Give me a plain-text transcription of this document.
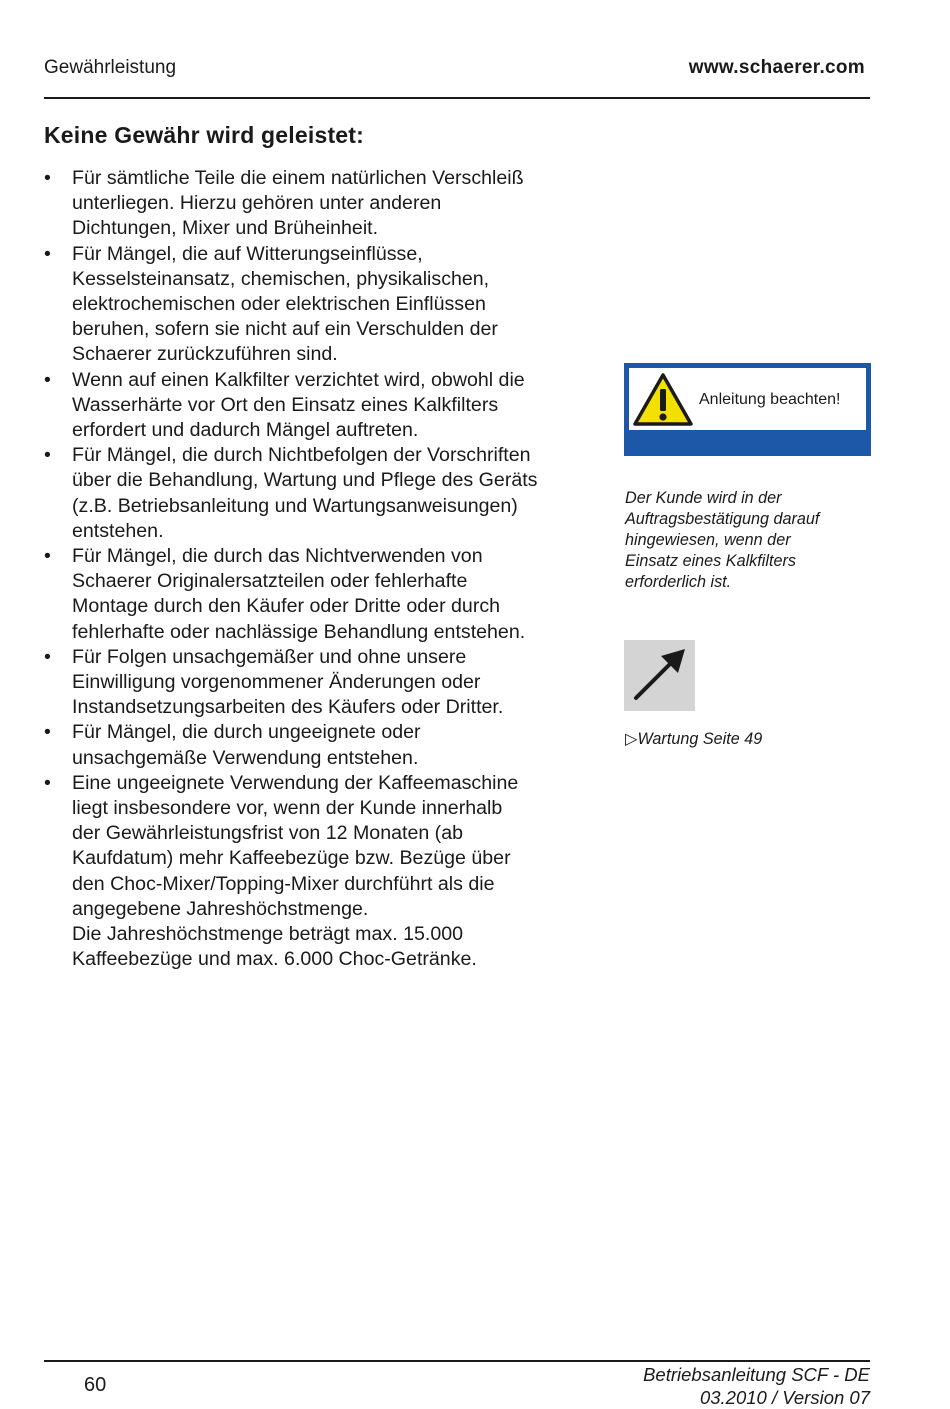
Gewährleistung	www.schaerer.com
Keine Gewähr wird geleistet:
• Für sämtliche Teile die einem natürlichen Verschleiß
unterliegen. Hierzu gehören unter anderen
Dichtungen, Mixer und Brüheinheit.
• Für Mängel, die auf Witterungseinflüsse,
Kesselsteinansatz, chemischen, physikalischen,
elektrochemischen oder elektrischen Einflüssen
beruhen, sofern sie nicht auf ein Verschulden der
Schaerer zurückzuführen sind.
• Wenn auf einen Kalkfilter verzichtet wird, obwohl die
Wasserhärte vor Ort den Einsatz eines Kalkfilters
erfordert und dadurch Mängel auftreten.
• Für Mängel, die durch Nichtbefolgen der Vorschriften
über die Behandlung, Wartung und Pflege des Geräts
(z.B. Betriebsanleitung und Wartungsanweisungen)
entstehen.
• Für Mängel, die durch das Nichtverwenden von
Schaerer Originalersatzteilen oder fehlerhafte
Montage durch den Käufer oder Dritte oder durch
fehlerhafte oder nachlässige Behandlung entstehen.
• Für Folgen unsachgemäßer und ohne unsere
Einwilligung vorgenommener Änderungen oder
Instandsetzungsarbeiten des Käufers oder Dritter.
• Für Mängel, die durch ungeeignete oder
unsachgemäße Verwendung entstehen.
• Eine ungeeignete Verwendung der Kaffeemaschine
liegt insbesondere vor, wenn der Kunde innerhalb
der Gewährleistungsfrist von 12 Monaten (ab
Kaufdatum) mehr Kaffeebezüge bzw. Bezüge über
den Choc-Mixer/Topping-Mixer durchführt als die
angegebene Jahreshöchstmenge.
Die Jahreshöchstmenge beträgt max. 15.000
Kaffeebezüge und max. 6.000 Choc-Getränke.
Anleitung beachten!
Der Kunde wird in der
Auftragsbestätigung darauf
hingewiesen, wenn der
Einsatz eines Kalkfilters
erforderlich ist.
▷Wartung Seite 49
60	Betriebsanleitung SCF - DE
03.2010 / Version 07
